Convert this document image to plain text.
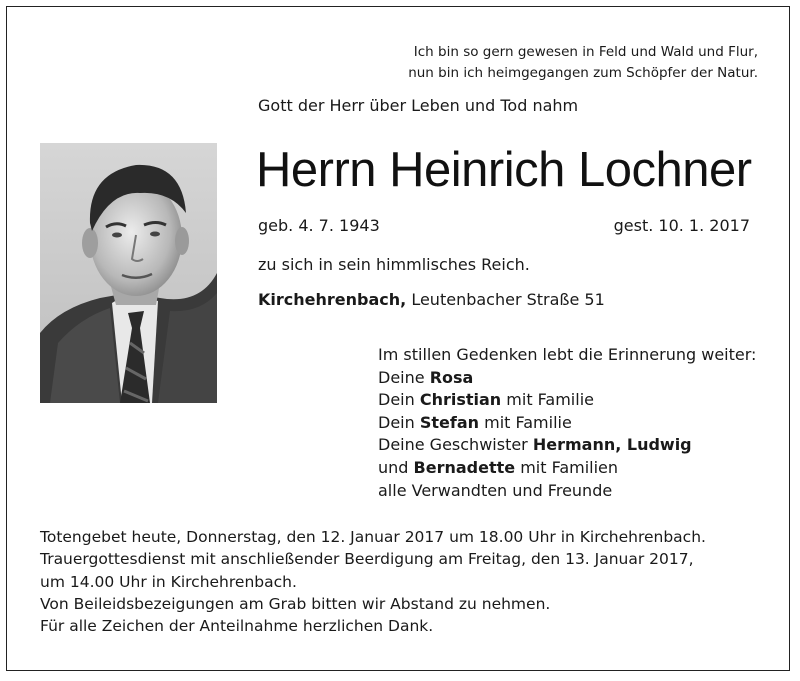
Ich bin so gern gewesen in Feld und Wald und Flur,
nun bin ich heimgegangen zum Schöpfer der Natur.
Gott der Herr über Leben und Tod nahm
Herrn Heinrich Lochner
geb. 4. 7. 1943	gest. 10. 1. 2017
zu sich in sein himmlisches Reich.
Kirchehrenbach, Leutenbacher Straße 51
Im stillen Gedenken lebt die Erinnerung weiter:
Deine Rosa
Dein Christian mit Familie
Dein Stefan mit Familie
Deine Geschwister Hermann, Ludwig
und Bernadette mit Familien
alle Verwandten und Freunde
Totengebet heute, Donnerstag, den 12. Januar 2017 um 18.00 Uhr in Kirchehrenbach.
Trauergottesdienst mit anschließender Beerdigung am Freitag, den 13. Januar 2017,
um 14.00 Uhr in Kirchehrenbach.
Von Beileidsbezeigungen am Grab bitten wir Abstand zu nehmen.
Für alle Zeichen der Anteilnahme herzlichen Dank.
